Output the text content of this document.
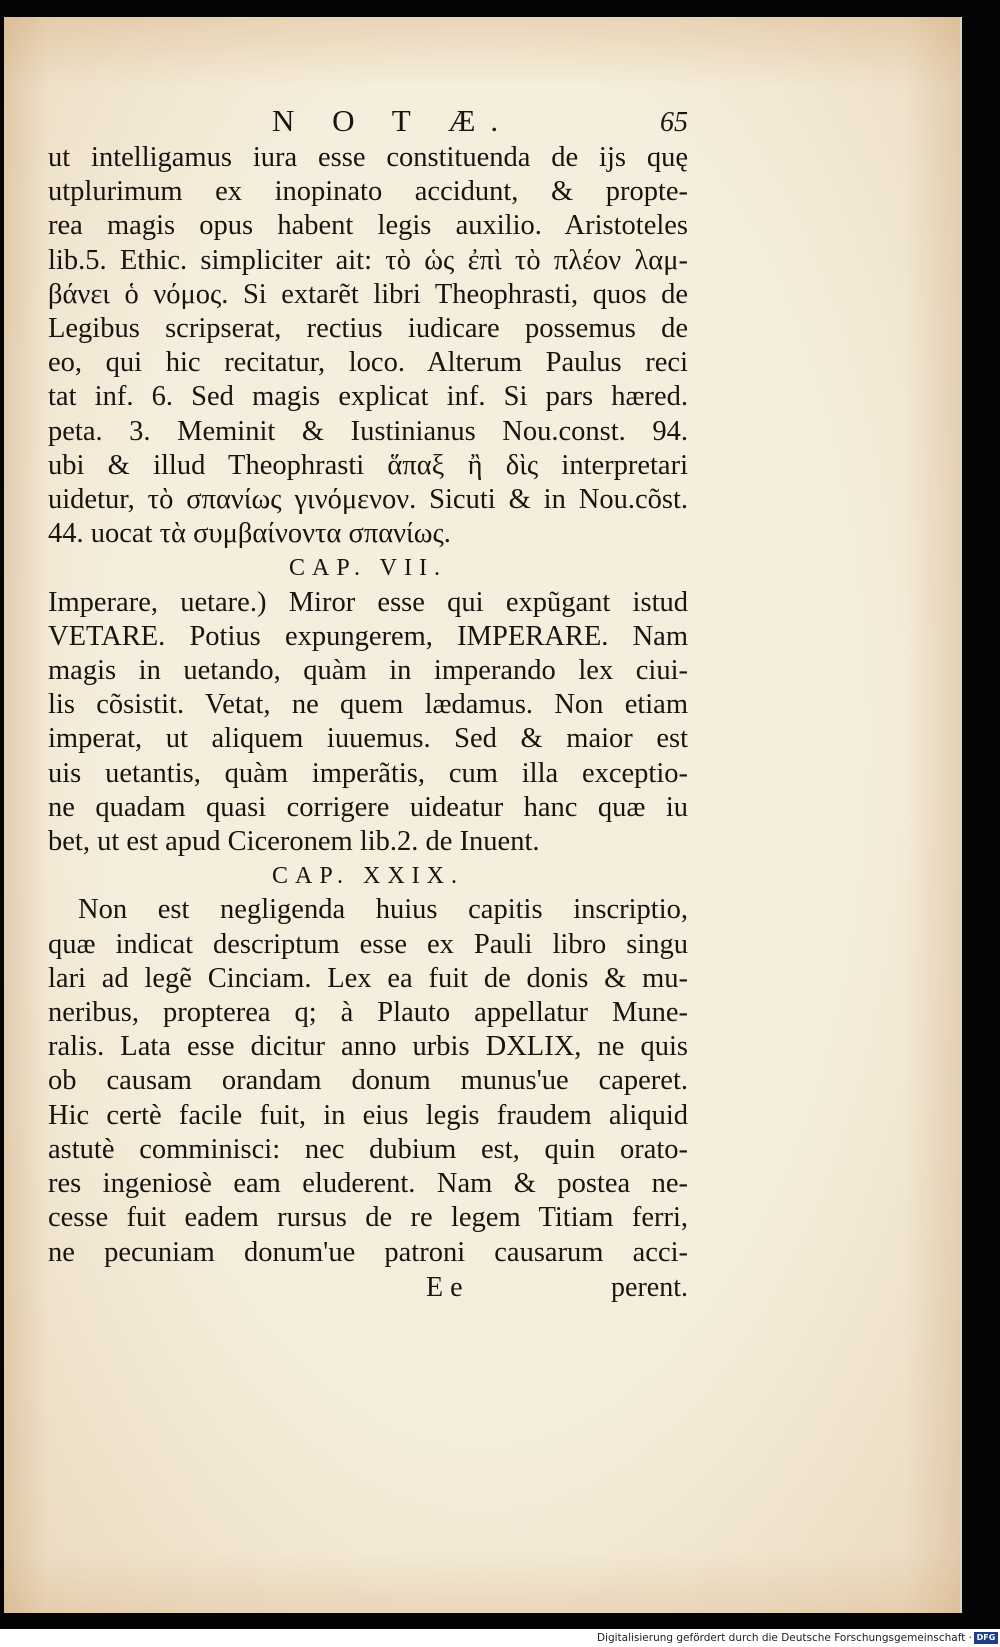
N O T Æ.	65
ut intelligamus iura esse constituenda de ijs quę
utplurimum ex inopinato accidunt, & propte-
rea magis opus habent legis auxilio. Aristoteles
lib.5. Ethic. simpliciter ait: τὸ ὡς ἐπὶ τὸ πλέον λαμ-
βάνει ὁ νόμος. Si extarẽt libri Theophrasti, quos de
Legibus scripserat, rectius iudicare possemus de
eo, qui hic recitatur, loco. Alterum Paulus reci
tat inf. 6. Sed magis explicat inf. Si pars hæred.
peta. 3. Meminit & Iustinianus Nou.const. 94.
ubi & illud Theophrasti ἅπαξ ἢ δὶς interpretari
uidetur, τὸ σπανίως γινόμενον. Sicuti & in Nou.cõst.
44. uocat τὰ συμβαίνοντα σπανίως.
CAP. VII.
Imperare, uetare.) Miror esse qui expũgant istud
VETARE. Potius expungerem, IMPERARE. Nam
magis in uetando, quàm in imperando lex ciui-
lis cõsistit. Vetat, ne quem lædamus. Non etiam
imperat, ut aliquem iuuemus. Sed & maior est
uis uetantis, quàm imperãtis, cum illa exceptio-
ne quadam quasi corrigere uideatur hanc quæ iu
bet, ut est apud Ciceronem lib.2. de Inuent.
CAP. XXIX.
Non est negligenda huius capitis inscriptio,
quæ indicat descriptum esse ex Pauli libro singu
lari ad legẽ Cinciam. Lex ea fuit de donis & mu-
neribus, propterea q; à Plauto appellatur Mune-
ralis. Lata esse dicitur anno urbis DXLIX, ne quis
ob causam orandam donum munus'ue caperet.
Hic certè facile fuit, in eius legis fraudem aliquid
astutè comminisci: nec dubium est, quin orato-
res ingeniosè eam eluderent. Nam & postea ne-
cesse fuit eadem rursus de re legem Titiam ferri,
ne pecuniam donum'ue patroni causarum acci-
E e	perent.
Digitalisierung gefördert durch die Deutsche Forschungsgemeinschaft · DFG
